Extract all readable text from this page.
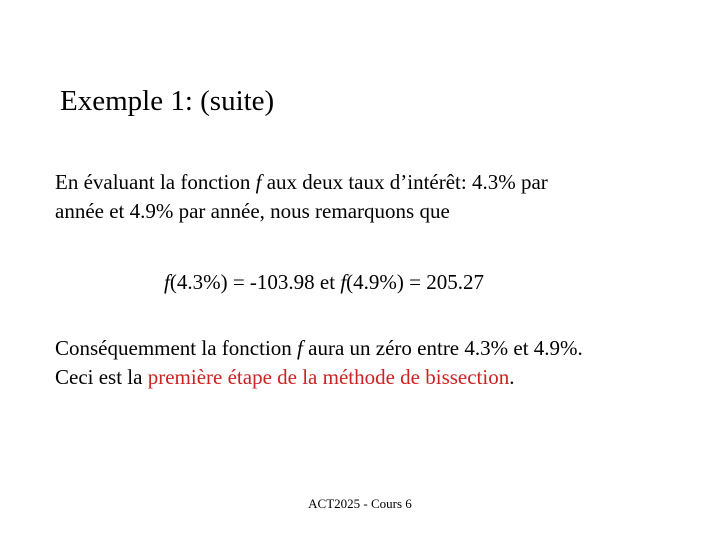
Exemple 1: (suite)
En évaluant la fonction f aux deux taux d’intérêt: 4.3% par
année et 4.9% par année, nous remarquons que
f(4.3%) = -103.98 et f(4.9%) = 205.27
Conséquemment la fonction f aura un zéro entre 4.3% et 4.9%.
Ceci est la première étape de la méthode de bissection.
ACT2025 - Cours 6
